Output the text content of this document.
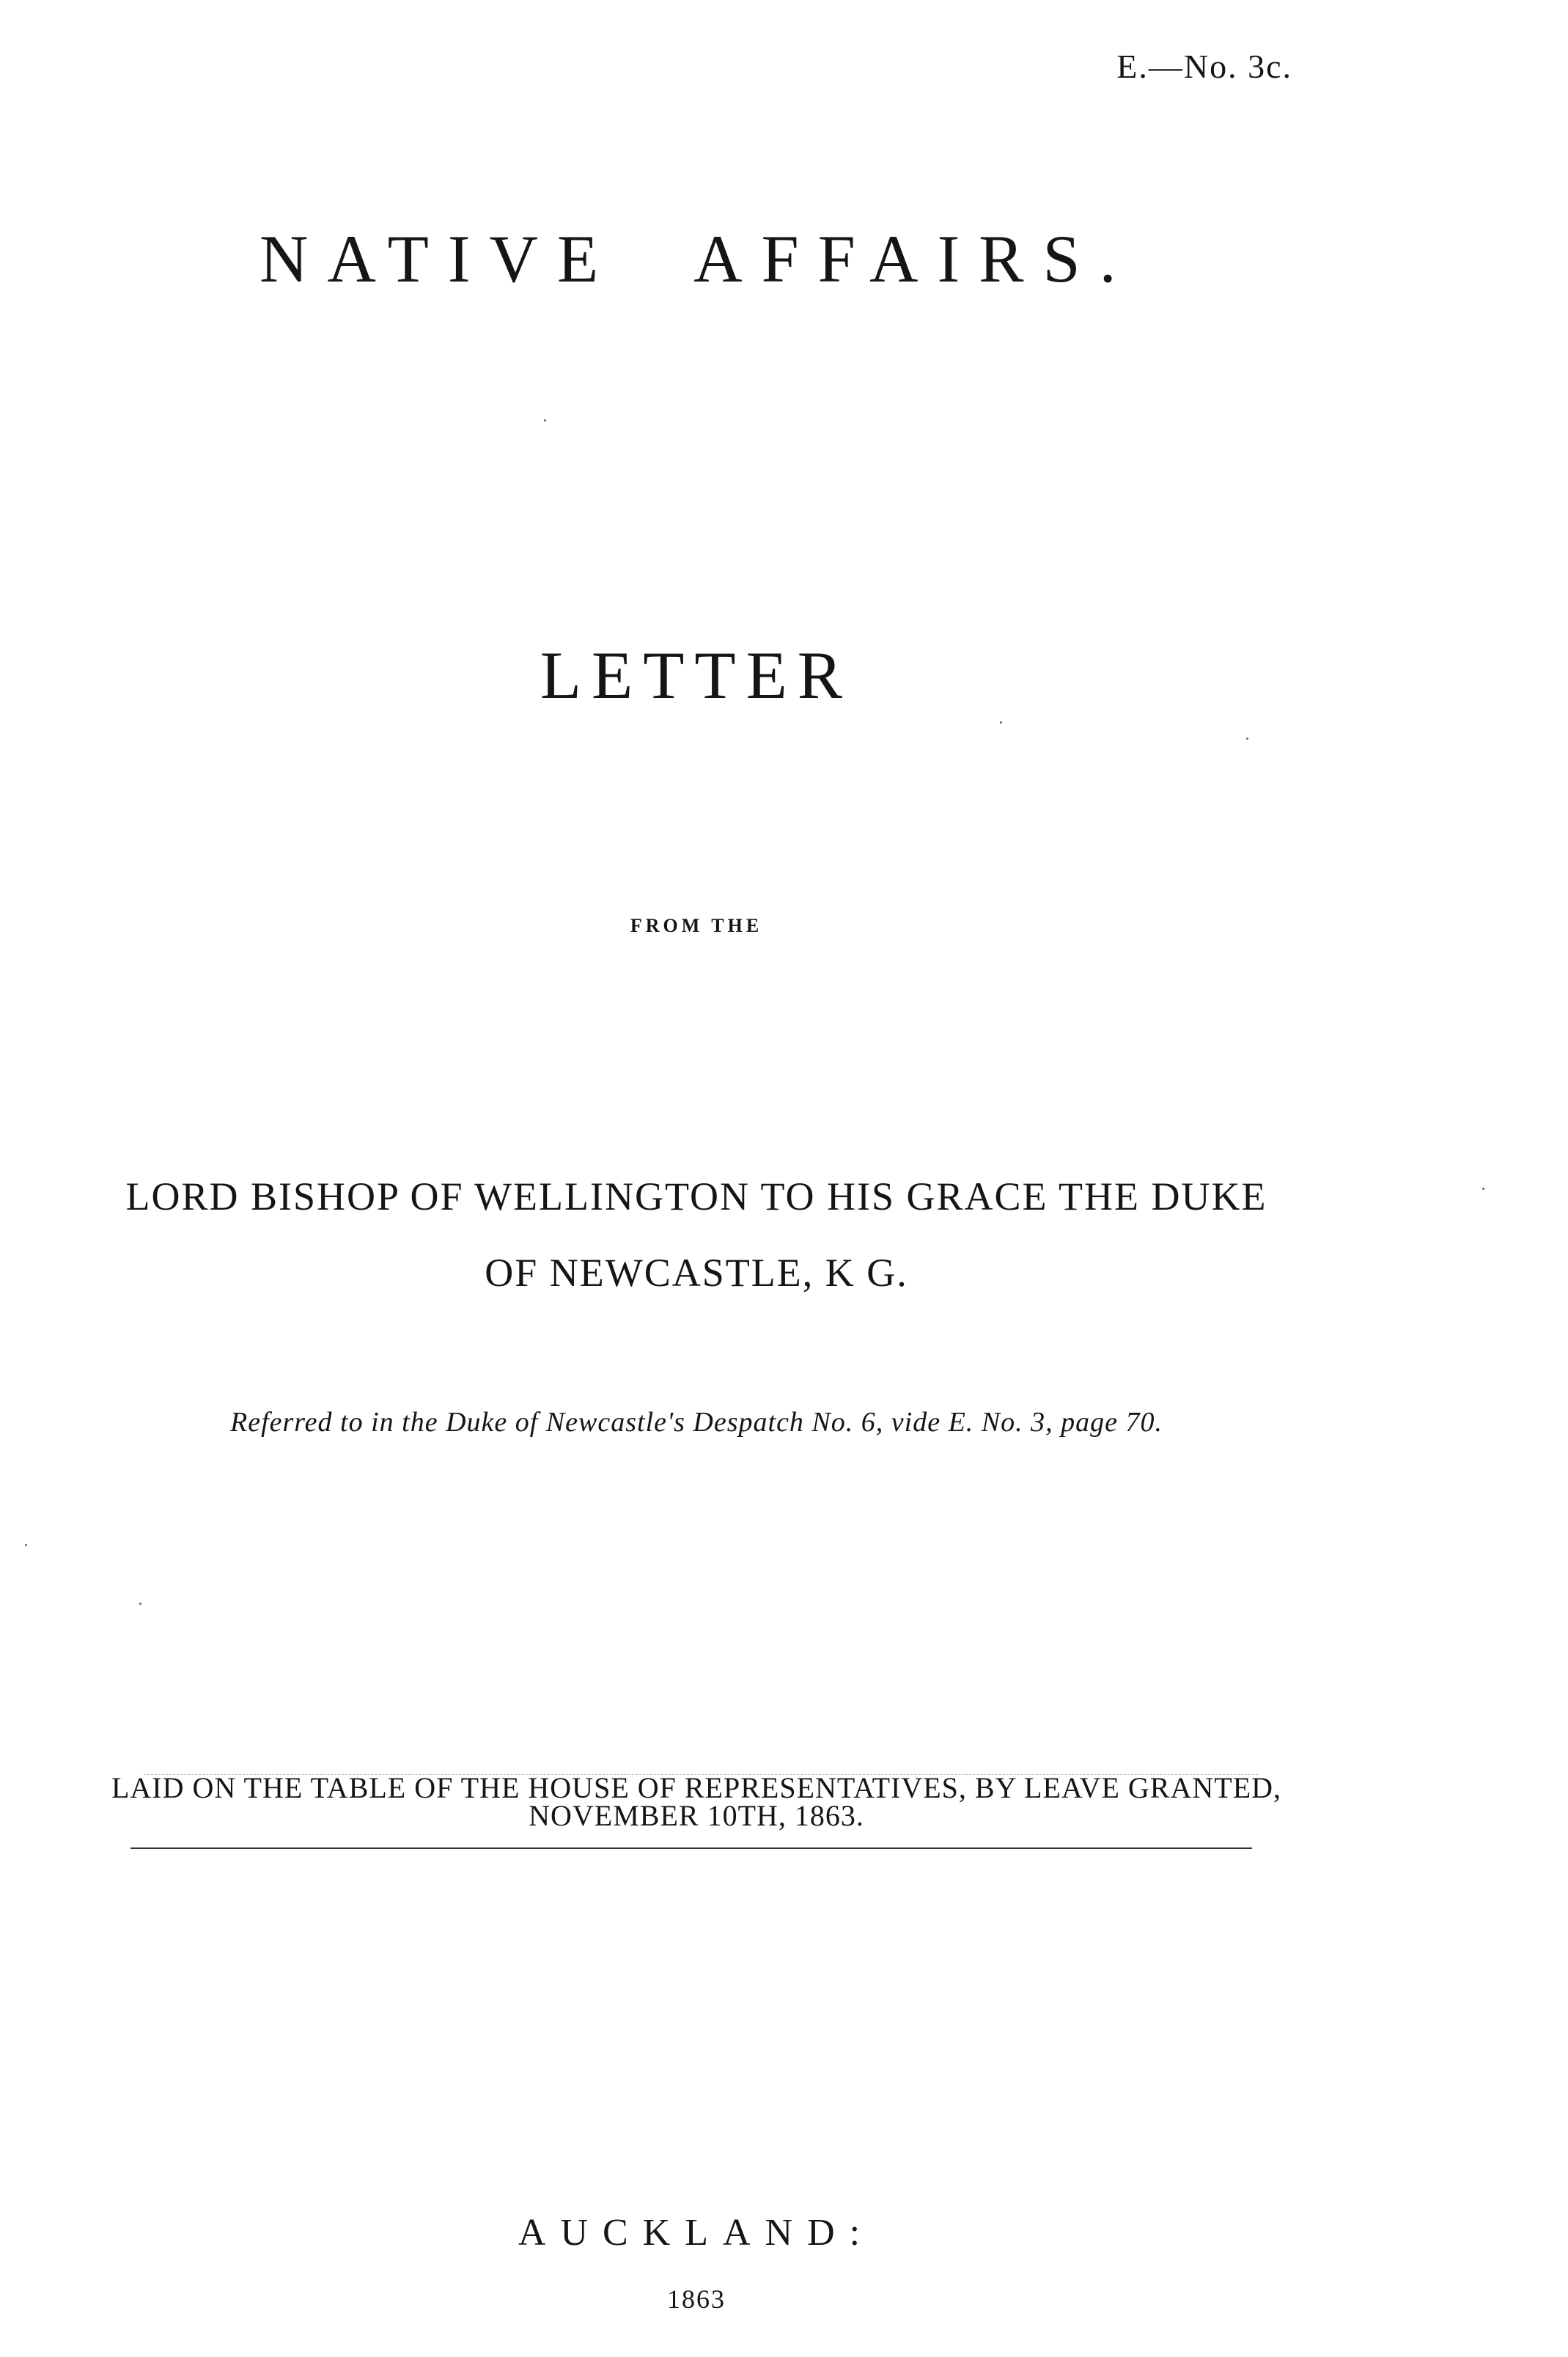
E.—No. 3c.
NATIVE AFFAIRS.
LETTER
FROM THE
LORD BISHOP OF WELLINGTON TO HIS GRACE THE DUKE
OF NEWCASTLE, K G.
Referred to in the Duke of Newcastle's Despatch No. 6, vide E. No. 3, page 70.
LAID ON THE TABLE OF THE HOUSE OF REPRESENTATIVES, BY LEAVE GRANTED,
NOVEMBER 10TH, 1863.
AUCKLAND:
1863
